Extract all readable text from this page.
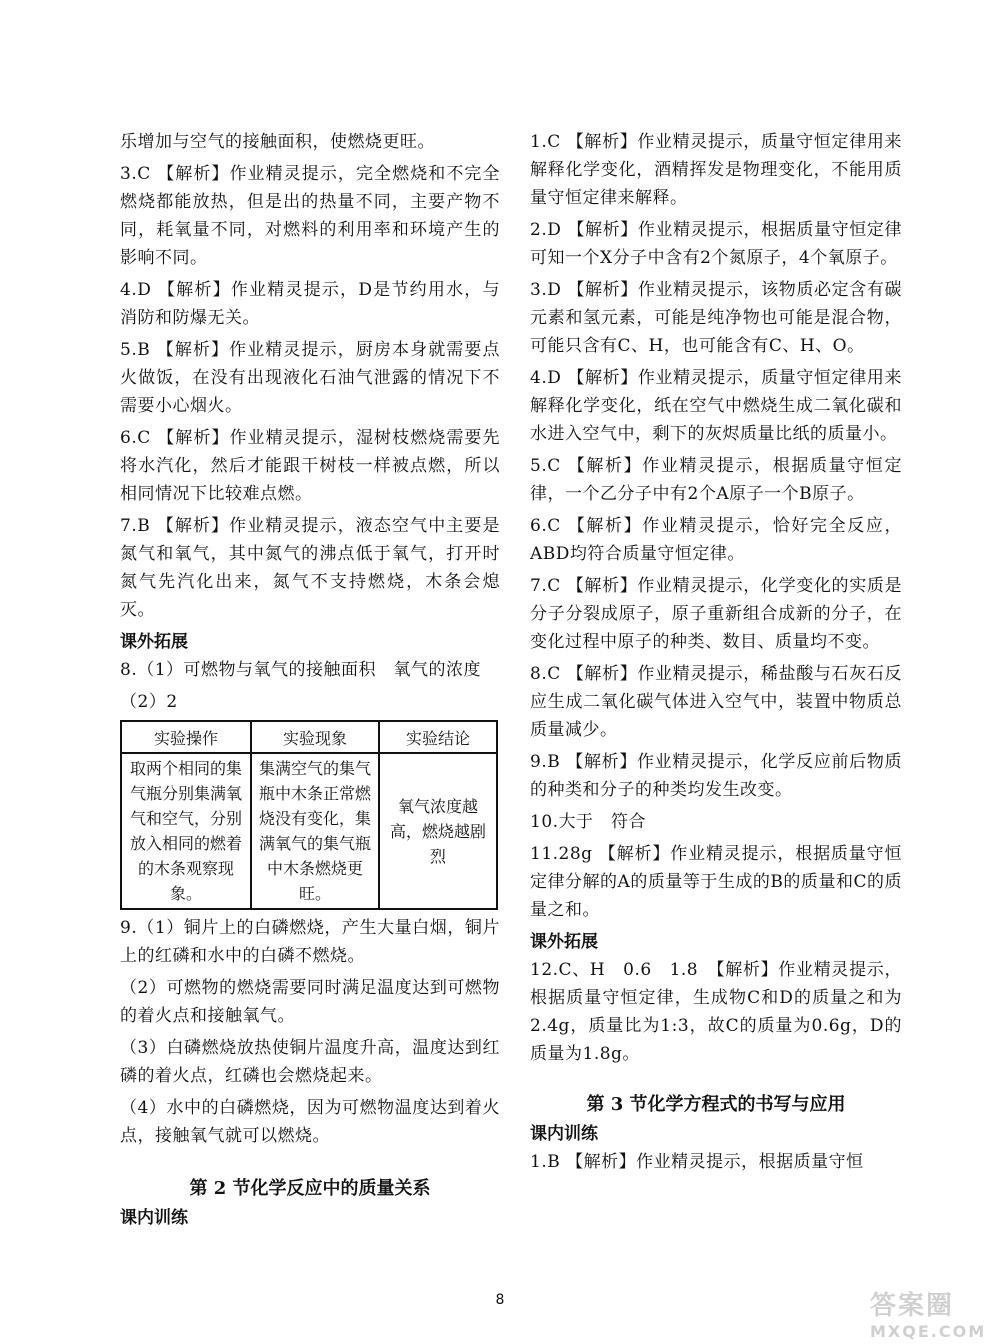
乐增加与空气的接触面积，使燃烧更旺。

3.C 【解析】作业精灵提示，完全燃烧和不完全燃烧都能放热，但是出的热量不同，主要产物不同，耗氧量不同，对燃料的利用率和环境产生的影响不同。

4.D 【解析】作业精灵提示，D是节约用水，与消防和防爆无关。

5.B 【解析】作业精灵提示，厨房本身就需要点火做饭，在没有出现液化石油气泄露的情况下不需要小心烟火。

6.C 【解析】作业精灵提示，湿树枝燃烧需要先将水汽化，然后才能跟干树枝一样被点燃，所以相同情况下比较难点燃。

7.B 【解析】作业精灵提示，液态空气中主要是氮气和氧气，其中氮气的沸点低于氧气，打开时氮气先汽化出来，氮气不支持燃烧，木条会熄灭。

课外拓展

8.（1）可燃物与氧气的接触面积　氧气的浓度

（2）2

实验操作	实验现象	实验结论
取两个相同的集气瓶分别集满氧气和空气，分别放入相同的燃着的木条观察现象。	集满空气的集气瓶中木条正常燃烧没有变化，集满氧气的集气瓶中木条燃烧更旺。	氧气浓度越高，燃烧越剧烈

9.（1）铜片上的白磷燃烧，产生大量白烟，铜片上的红磷和水中的白磷不燃烧。

（2）可燃物的燃烧需要同时满足温度达到可燃物的着火点和接触氧气。

（3）白磷燃烧放热使铜片温度升高，温度达到红磷的着火点，红磷也会燃烧起来。

（4）水中的白磷燃烧，因为可燃物温度达到着火点，接触氧气就可以燃烧。

第 2 节化学反应中的质量关系

课内训练

1.C 【解析】作业精灵提示，质量守恒定律用来解释化学变化，酒精挥发是物理变化，不能用质量守恒定律来解释。

2.D 【解析】作业精灵提示，根据质量守恒定律可知一个X分子中含有2个氮原子，4个氧原子。

3.D 【解析】作业精灵提示，该物质必定含有碳元素和氢元素，可能是纯净物也可能是混合物，可能只含有C、H，也可能含有C、H、O。

4.D 【解析】作业精灵提示，质量守恒定律用来解释化学变化，纸在空气中燃烧生成二氧化碳和水进入空气中，剩下的灰烬质量比纸的质量小。

5.C 【解析】作业精灵提示，根据质量守恒定律，一个乙分子中有2个A原子一个B原子。

6.C 【解析】作业精灵提示，恰好完全反应，ABD均符合质量守恒定律。

7.C 【解析】作业精灵提示，化学变化的实质是分子分裂成原子，原子重新组合成新的分子，在变化过程中原子的种类、数目、质量均不变。

8.C 【解析】作业精灵提示，稀盐酸与石灰石反应生成二氧化碳气体进入空气中，装置中物质总质量减少。

9.B 【解析】作业精灵提示，化学反应前后物质的种类和分子的种类均发生改变。

10.大于　符合

11.28g 【解析】作业精灵提示，根据质量守恒定律分解的A的质量等于生成的B的质量和C的质量之和。

课外拓展

12.C、H　0.6　1.8　【解析】作业精灵提示，根据质量守恒定律，生成物C和D的质量之和为2.4g，质量比为1:3，故C的质量为0.6g，D的质量为1.8g。

第 3 节化学方程式的书写与应用

课内训练

1.B 【解析】作业精灵提示，根据质量守恒

8	答案圈
MXQE.COM
